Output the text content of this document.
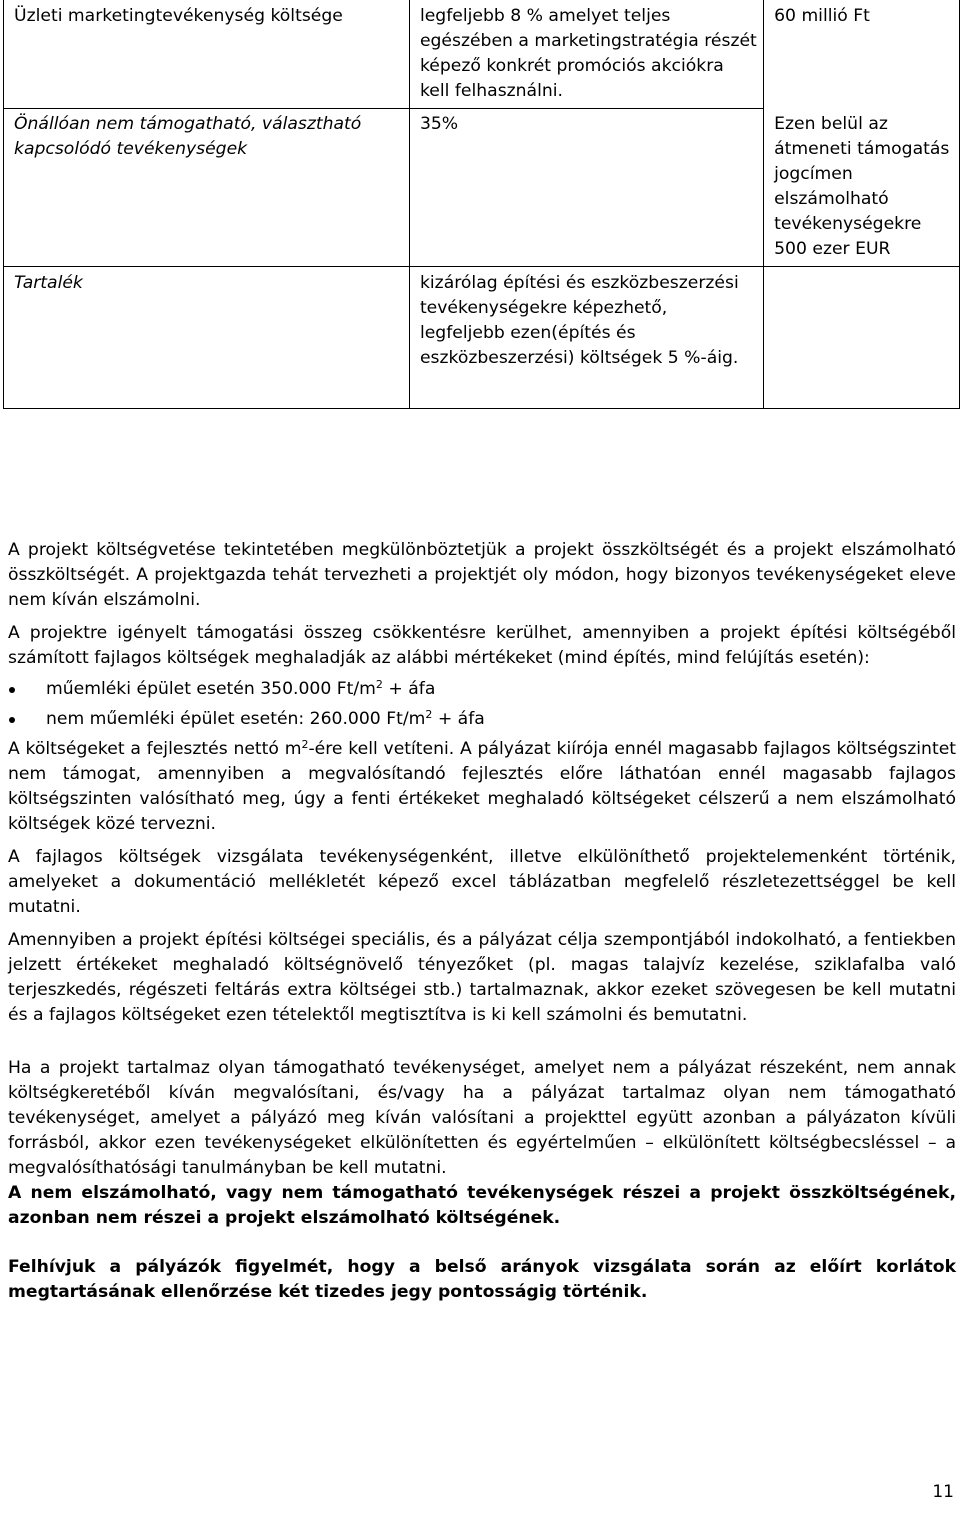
Üzleti marketingtevékenység költsége	legfeljebb 8 % amelyet teljes egészében a marketingstratégia részét képező konkrét promóciós akciókra kell felhasználni.	60 millió Ft
Önállóan nem támogatható, választható kapcsolódó tevékenységek	35%	Ezen belül az átmeneti támogatás jogcímen elszámolható tevékenységekre 500 ezer EUR
Tartalék	kizárólag építési és eszközbeszerzési tevékenységekre képezhető, legfeljebb ezen(építés és eszközbeszerzési) költségek 5 %-áig.	

A projekt költségvetése tekintetében megkülönböztetjük a projekt összköltségét és a projekt elszámolható összköltségét. A projektgazda tehát tervezheti a projektjét oly módon, hogy bizonyos tevékenységeket eleve nem kíván elszámolni.

A projektre igényelt támogatási összeg csökkentésre kerülhet, amennyiben a projekt építési költségéből számított fajlagos költségek meghaladják az alábbi mértékeket (mind építés, mind felújítás esetén):

műemléki épület esetén 350.000 $Ft/m^2$ + áfa
nem műemléki épület esetén: 260.000 $Ft/m^2$ + áfa

A költségeket a fejlesztés nettó $m^2$-ére kell vetíteni. A pályázat kiírója ennél magasabb fajlagos költségszintet nem támogat, amennyiben a megvalósítandó fejlesztés előre láthatóan ennél magasabb fajlagos költségszinten valósítható meg, úgy a fenti értékeket meghaladó költségeket célszerű a nem elszámolható költségek közé tervezni.

A fajlagos költségek vizsgálata tevékenységenként, illetve elkülöníthető projektelemenként történik, amelyeket a dokumentáció mellékletét képező excel táblázatban megfelelő részletezettséggel be kell mutatni.

Amennyiben a projekt építési költségei speciális, és a pályázat célja szempontjából indokolható, a fentiekben jelzett értékeket meghaladó költségnövelő tényezőket (pl. magas talajvíz kezelése, sziklafalba való terjeszkedés, régészeti feltárás extra költségei stb.) tartalmaznak, akkor ezeket szövegesen be kell mutatni és a fajlagos költségeket ezen tételektől megtisztítva is ki kell számolni és bemutatni.

Ha a projekt tartalmaz olyan támogatható tevékenységet, amelyet nem a pályázat részeként, nem annak költségkeretéből kíván megvalósítani, és/vagy ha a pályázat tartalmaz olyan nem támogatható tevékenységet, amelyet a pályázó meg kíván valósítani a projekttel együtt azonban a pályázaton kívüli forrásból, akkor ezen tevékenységeket elkülönítetten és egyértelműen – elkülönített költségbecsléssel – a megvalósíthatósági tanulmányban be kell mutatni.

A nem elszámolható, vagy nem támogatható tevékenységek részei a projekt összköltségének, azonban nem részei a projekt elszámolható költségének.

Felhívjuk a pályázók figyelmét, hogy a belső arányok vizsgálata során az előírt korlátok megtartásának ellenőrzése két tizedes jegy pontosságig történik.

11
